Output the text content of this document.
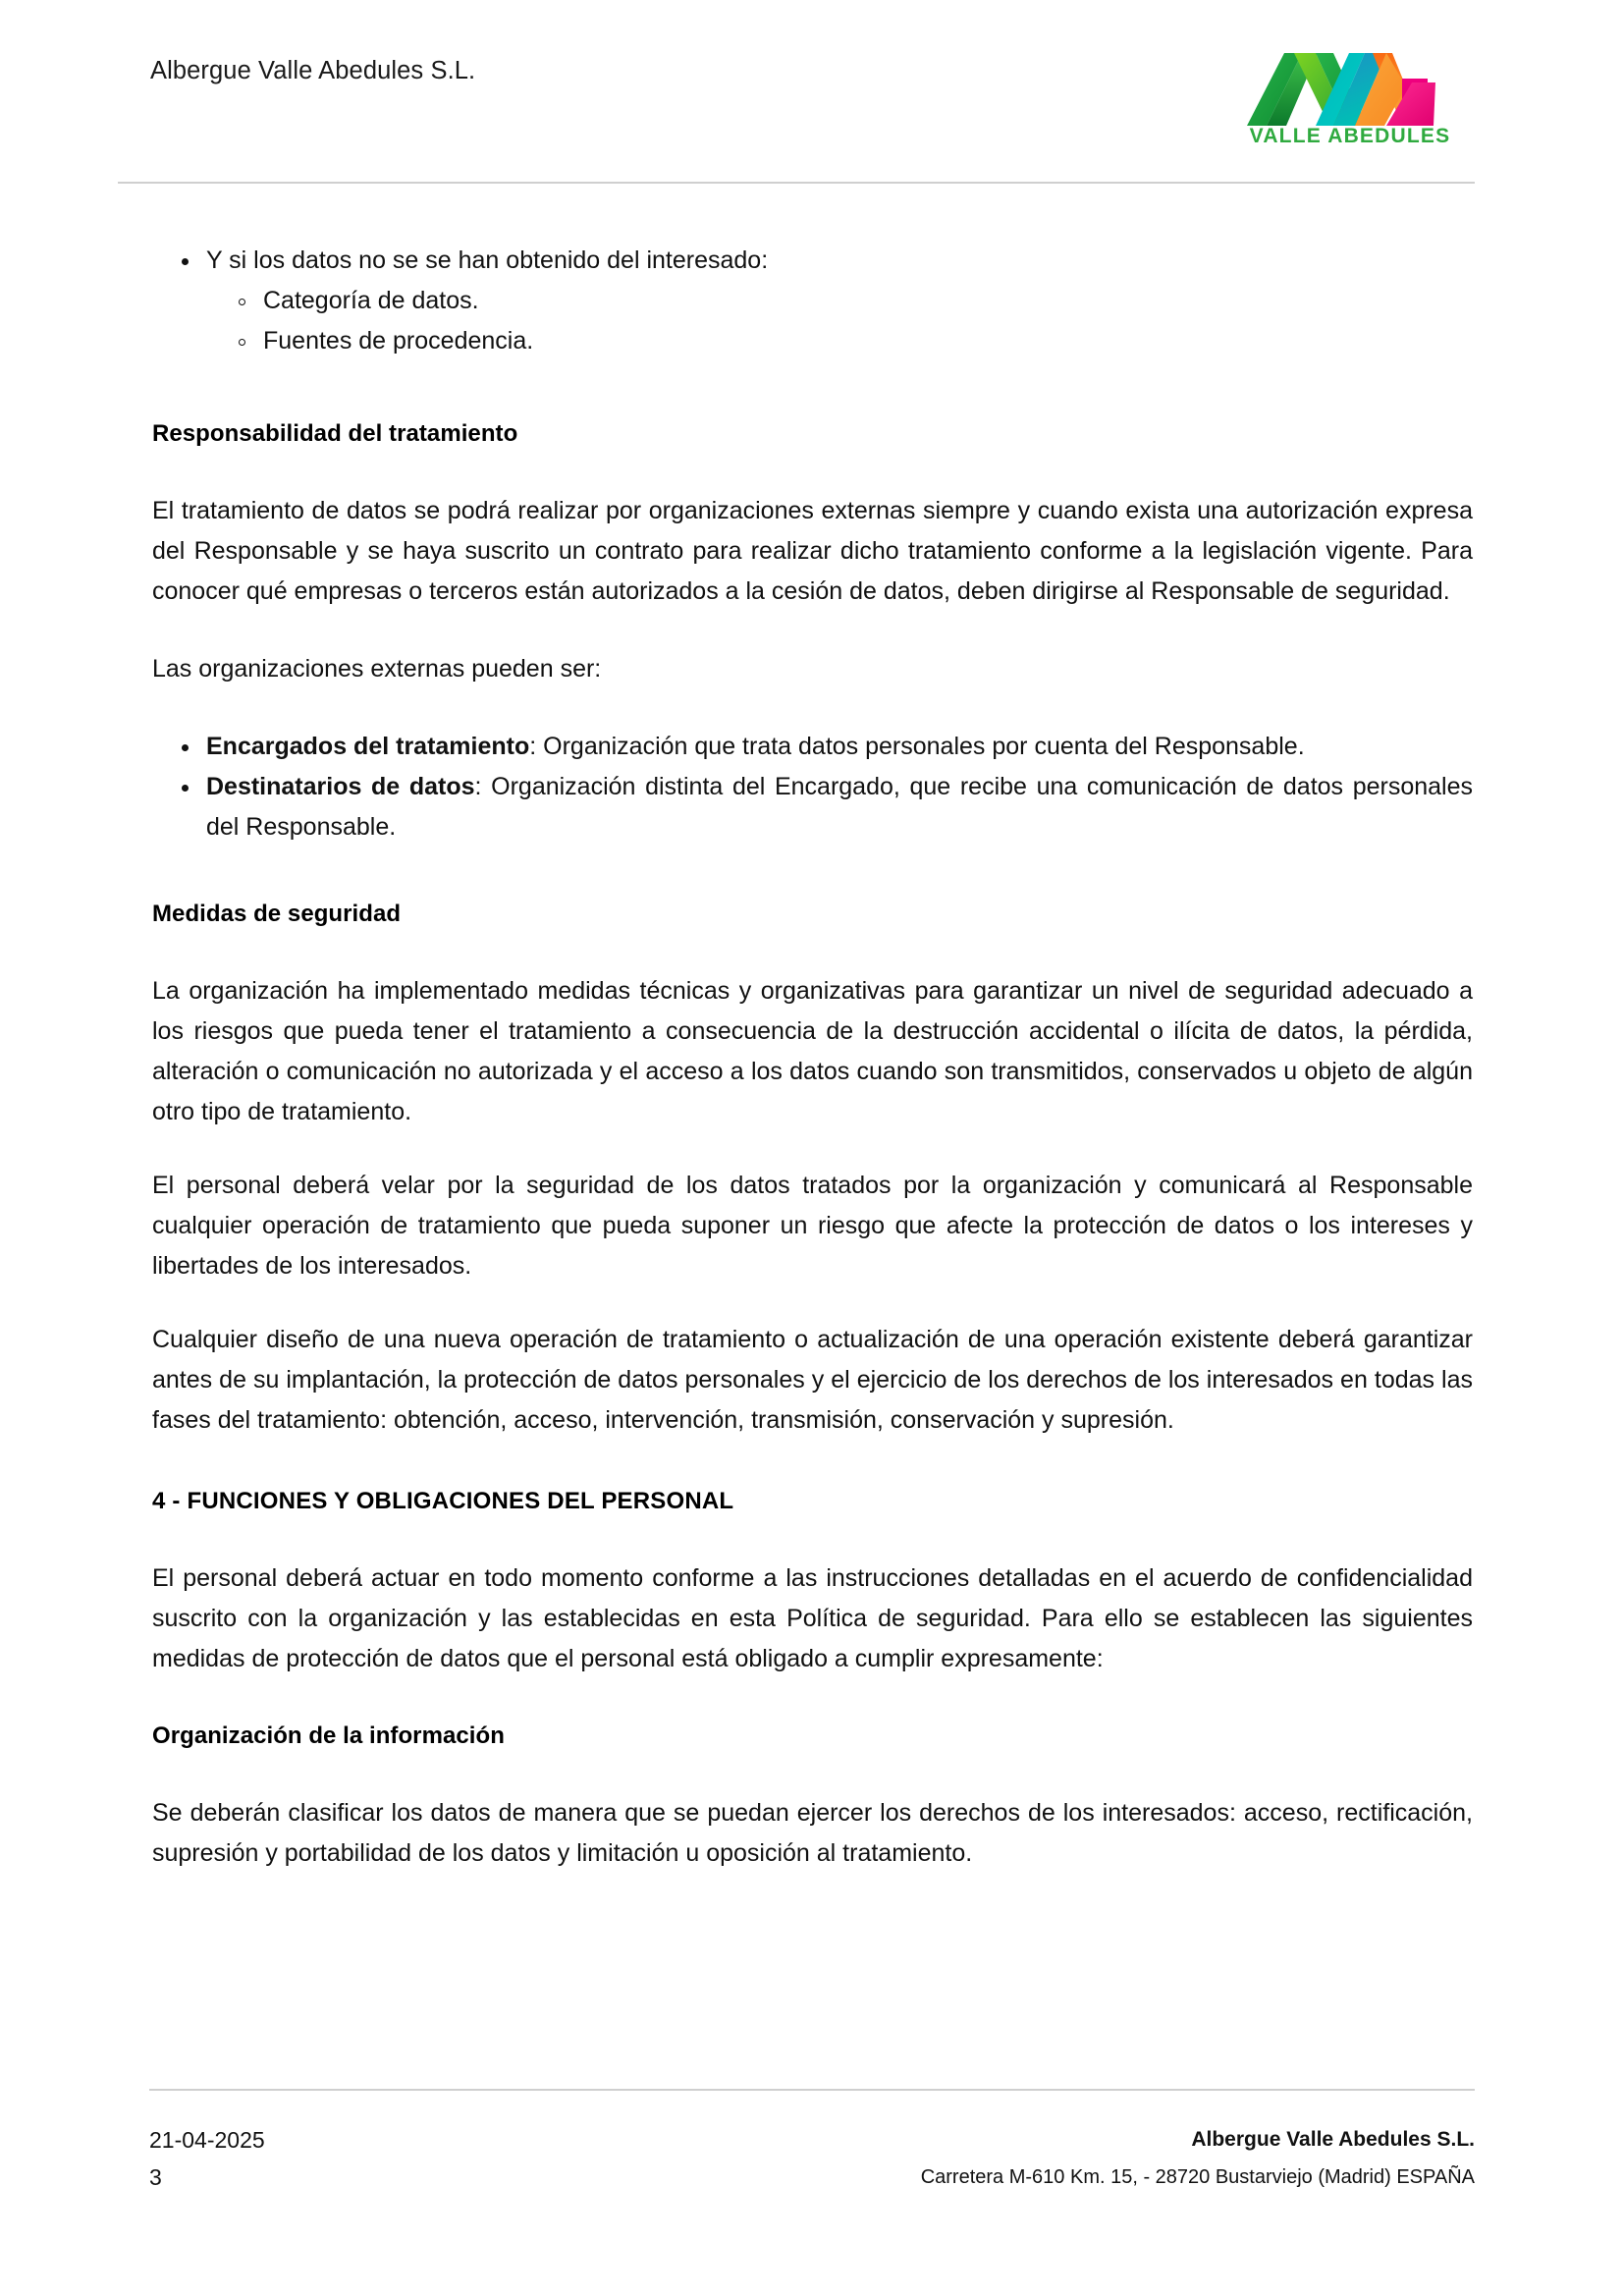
Albergue Valle Abedules S.L.
VALLE ABEDULES
Y si los datos no se se han obtenido del interesado:
Categoría de datos.
Fuentes de procedencia.
Responsabilidad del tratamiento

El tratamiento de datos se podrá realizar por organizaciones externas siempre y cuando exista una autorización expresa del Responsable y se haya suscrito un contrato para realizar dicho tratamiento conforme a la legislación vigente. Para conocer qué empresas o terceros están autorizados a la cesión de datos, deben dirigirse al Responsable de seguridad.

Las organizaciones externas pueden ser:

Encargados del tratamiento: Organización que trata datos personales por cuenta del Responsable.
Destinatarios de datos: Organización distinta del Encargado, que recibe una comunicación de datos personales del Responsable.
Medidas de seguridad

La organización ha implementado medidas técnicas y organizativas para garantizar un nivel de seguridad adecuado a los riesgos que pueda tener el tratamiento a consecuencia de la destrucción accidental o ilícita de datos, la pérdida, alteración o comunicación no autorizada y el acceso a los datos cuando son transmitidos, conservados u objeto de algún otro tipo de tratamiento.

El personal deberá velar por la seguridad de los datos tratados por la organización y comunicará al Responsable cualquier operación de tratamiento que pueda suponer un riesgo que afecte la protección de datos o los intereses y libertades de los interesados.

Cualquier diseño de una nueva operación de tratamiento o actualización de una operación existente deberá garantizar antes de su implantación, la protección de datos personales y el ejercicio de los derechos de los interesados en todas las fases del tratamiento: obtención, acceso, intervención, transmisión, conservación y supresión.

4 - FUNCIONES Y OBLIGACIONES DEL PERSONAL

El personal deberá actuar en todo momento conforme a las instrucciones detalladas en el acuerdo de confidencialidad suscrito con la organización y las establecidas en esta Política de seguridad. Para ello se establecen las siguientes medidas de protección de datos que el personal está obligado a cumplir expresamente:

Organización de la información

Se deberán clasificar los datos de manera que se puedan ejercer los derechos de los interesados: acceso, rectificación, supresión y portabilidad de los datos y limitación u oposición al tratamiento.

21-04-2025
3
Albergue Valle Abedules S.L.
Carretera M-610 Km. 15, - 28720 Bustarviejo (Madrid) ESPAÑA
